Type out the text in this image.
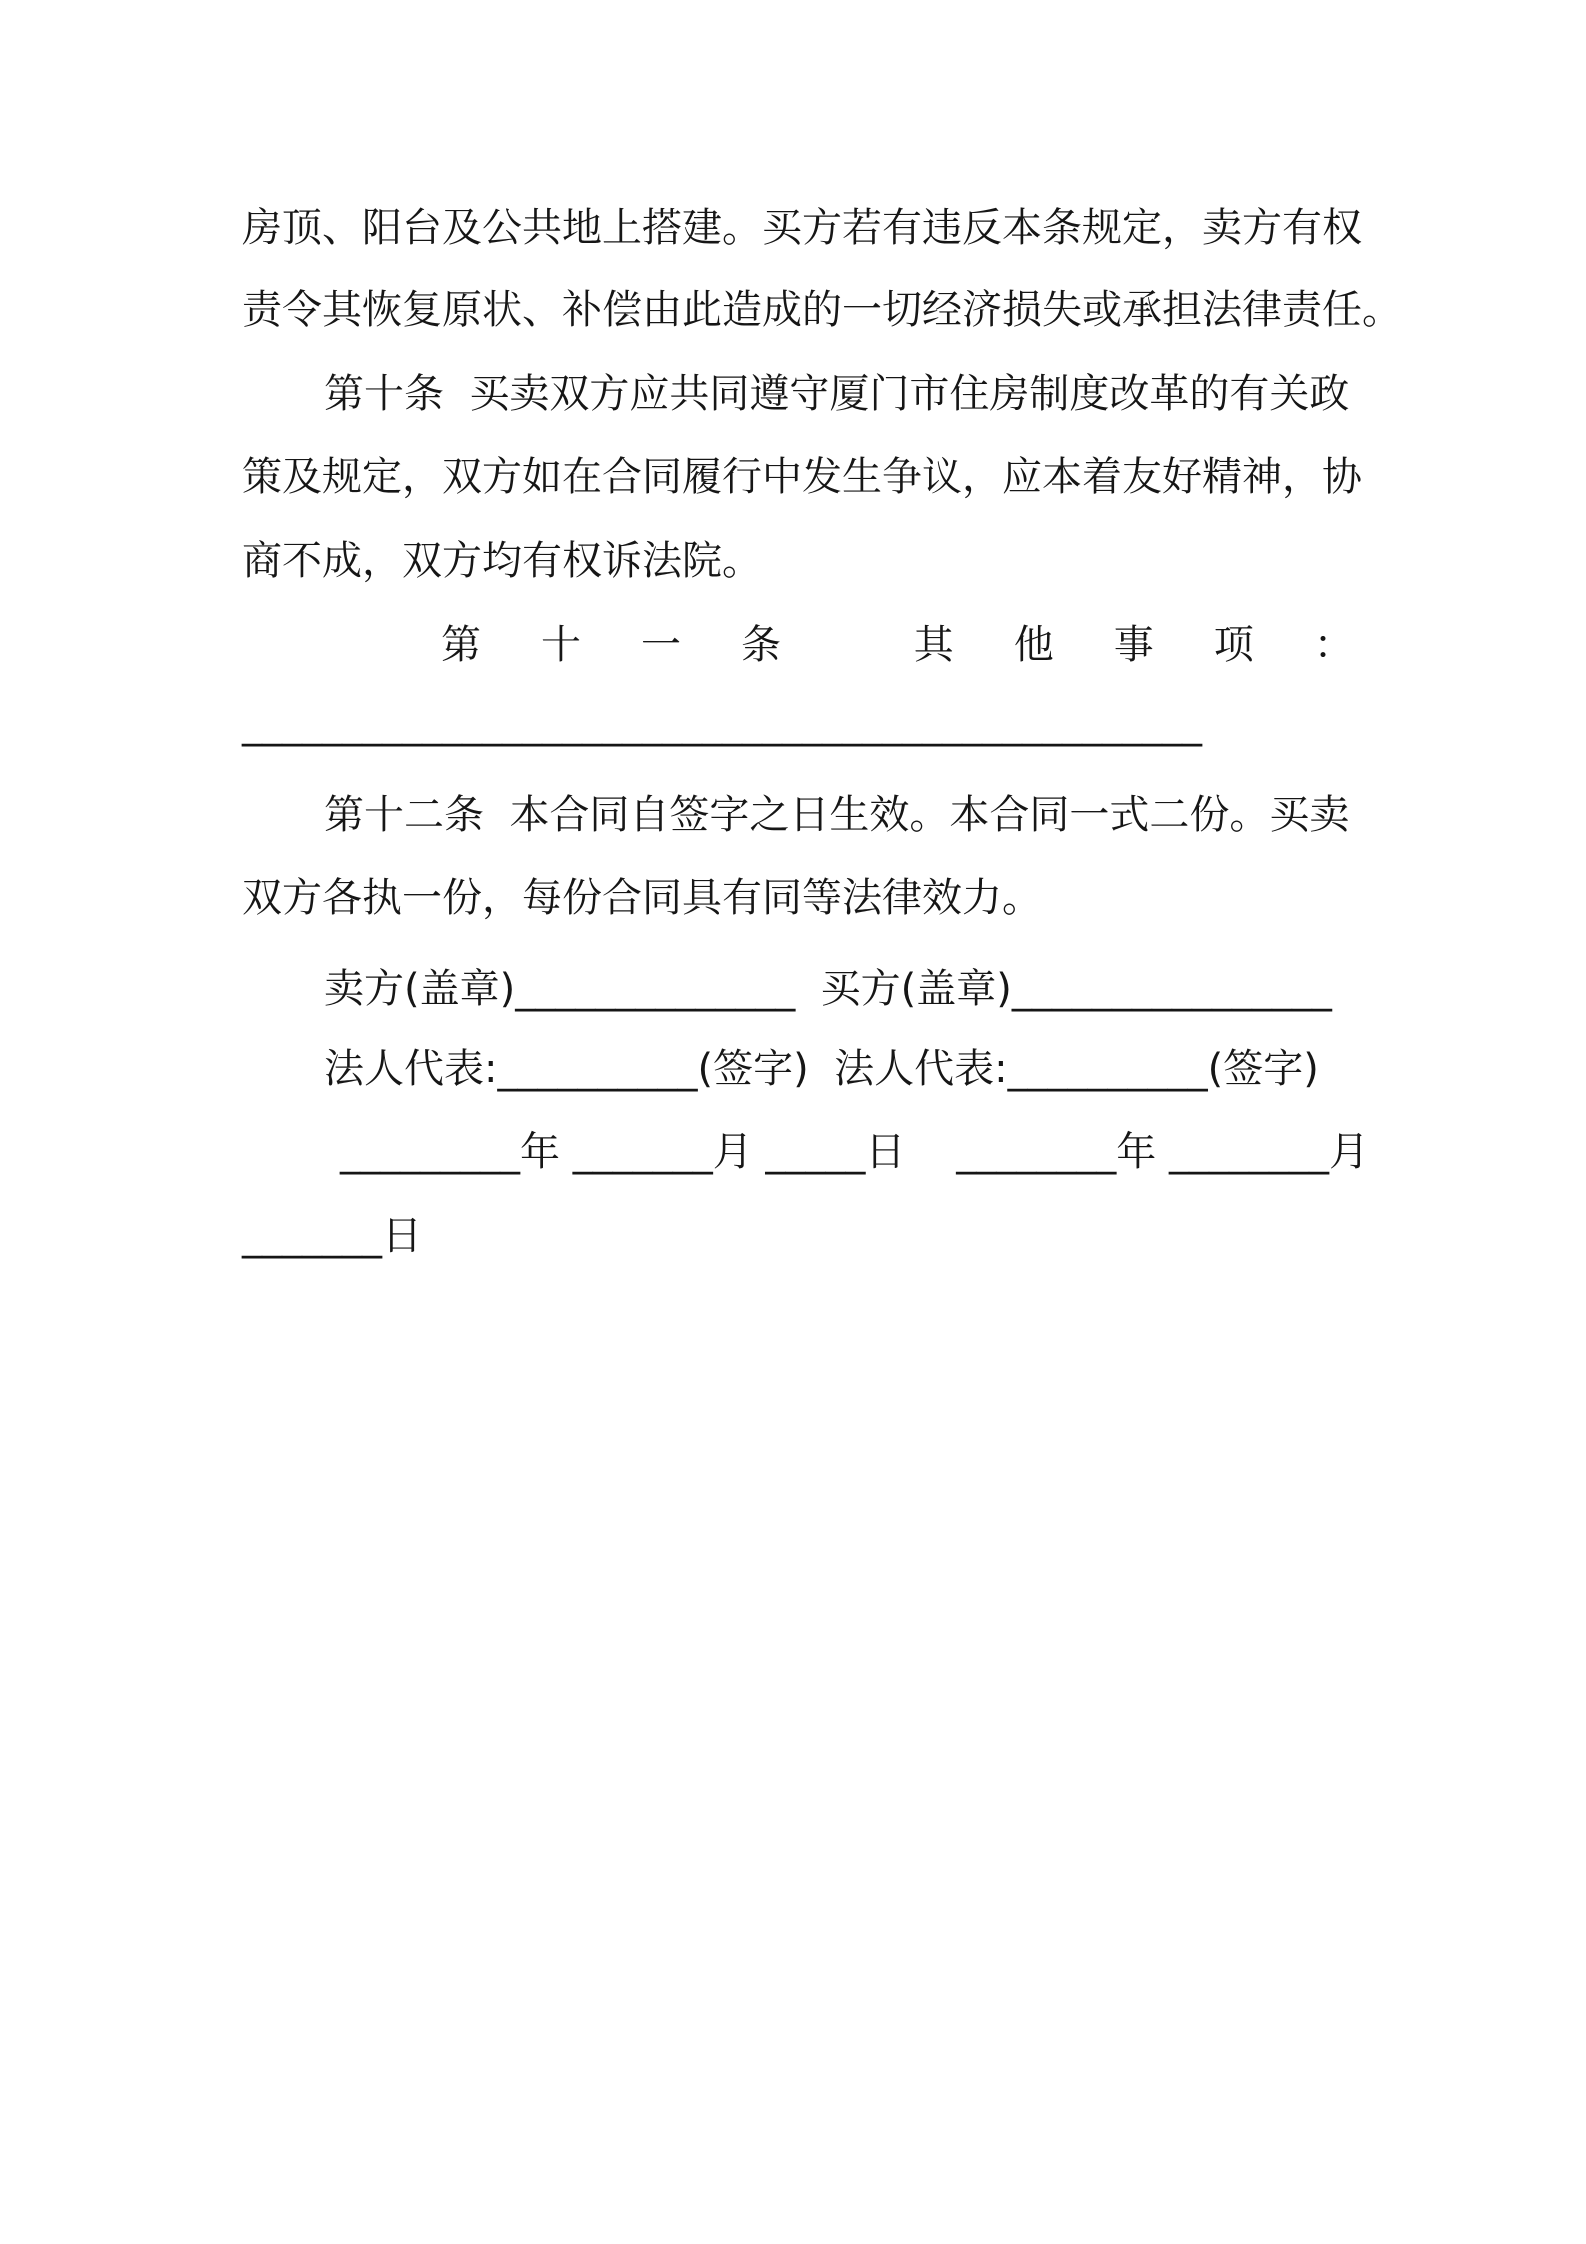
房顶、阳台及公共地上搭建。买方若有违反本条规定，卖方有权
责令其恢复原状、补偿由此造成的一切经济损失或承担法律责任。
第十条 买卖双方应共同遵守厦门市住房制度改革的有关政
策及规定，双方如在合同履行中发生争议，应本着友好精神，协
商不成，双方均有权诉法院。
第十一条 其他事项：
________________________________________________
第十二条 本合同自签字之日生效。本合同一式二份。买卖
双方各执一份，每份合同具有同等法律效力。
卖方(盖章)______________ 买方(盖章)________________
法人代表:__________(签字) 法人代表:__________(签字)
_________年 _______月 _____日 ________年 ________月
_______日
